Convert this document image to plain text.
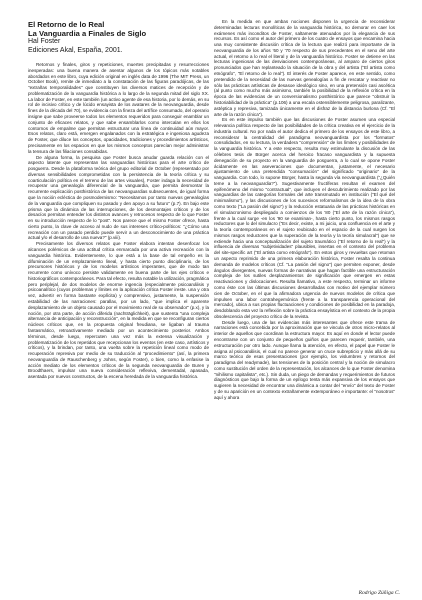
El Retorno de lo Real

La Vanguardia a Finales de Siglo

Hal Foster

Ediciones Akal, España, 2001.

Retornos y finales, giros y repeticiones, muertes precipitadas y resurrecciones inesperadas: una buena manera de asentar algunos de los tópicos más notables abordados en este libro, cuya edición original en inglés data de 1996 (The MIT Press, un October Book), remite de inmediato a la constatación de las figuras paradójicas, de las "extrañas temporalidades" que constituyen los diversos matices de recepción y de problematización de la vanguardia histórica a lo largo de la segunda mitad del siglo XX. La labor de Foster, en este también (un activo agente de esa historia, por lo demás, en su rol de incisivo crítico y de lúcido ensayista de los avatares de la neovanguardia, desde fines de la década del 70), se evidencia con la fineza del artífice consumado, del operario insigne que sabe proveerse todos los elementos requeridos para conseguir enamblar un conjunto de eficaces relatos, y que sabe ensamblarlos como intercalan en ellos los contornos de empalme que permitan estructurar una línea de continuidad aún mayor. Esos relatos, claro está, emergen engalanados con la estratégica e ingeniosa agudeza de Foster, que diluce los conceptos, opacidades, tradiciones y procedimientos artísticos, precisamente en los espacios en que los mismos conceptos parecían mejor administrar la tensura de las filiaciones consabidas.

De alguna forma, la pesquisa que Foster busca anudar guarda relación con el aspecto latente que representan las vanguardias históricas para el arte crítico de posguerra. Desde la plataforma teórica del grupo editorial de October (representado por diversas sensibilidades comprometidas con la persistencia de la teoría crítica y su coarticulación política en el terreno de las artes visuales), Foster indaga la necesidad de recuperar una genealogía diferencial de la vanguardia, que permita desmontar la recurrente explicación posthistórica de las neovanguardias subsecuentes, de igual forma que la noción ecléctica de posmodernismo: "Necesitamos por tanto nuevas genealogías de la vanguardia que compliquen su pasado y den apoyo a su futuro" (p.7). En bajo este prisma que la dinámica de las interrupciones, de los desmontajes críticos y de los desacíos permitan entender los distintos avances y retrocesos respecto de lo que Foster en su introducción respecto de lo "post". Nos parece que el mismo Foster ofrece, hasta cierto punto, la clave de acceso al nudo de sus intereses crítico-políticos: "¿Cómo una recreación con un pasado perdido puede servir a un desconocimiento de una práctica actual y/o el desarrollo de una nueva?" (p.viii).

Precisamente los diversos relatos que Foster elabora intentan desenfocar los alcances polémicos de una actitud crítica enmarcada por una activa recreación con la vanguardia histórica. Evidentemente, lo que está a la base de tal empeño es la difuminación de un emplazamiento lineal, y hasta cierto punto disciplinario, de los precursores históricos y de los modelos artísticos imperantes, que de modo tan recurrente como unívoco persiste validamente en buena parte de los ejes críticos e historiográficos contemporáneos. Para tal efecto, resulta notable la utilización, pragmática pero periplejal, de dos modelos de enorme ingencia (especialmente psicoanálisis y psicoanalítico (cuyos problemas y límites en la aplicación crítica Foster ireste. una y otra vez, advertir en forma bastante explícita) y comprensivo, justamente, la suspensión estabilidad de las narraciones: parallax, por un lado, "que implica el aparente desplazamiento de un objeto causado por el movimiento real de su observador" (p.x), y la noción, por otra parte, de acción diferida (nachträglichkeit), que sustenta "una compleja alternancia de anticipación y reconstrucción", en la medida en que se reconfiguran ciertos núcleos críticos que, en la propuesta original freudiana, se ligaban al trauma fantasmático, retroactivamente mediado por un acontecimiento posterior. Ambos términos, desde luego, repercuten una vez más la extensa visualización y problematización de los repetidos que recepcionan los eventos (en este caso, artísticos y críticos), y la brindan, por tanto, una vuelta sobre la repetición lineal como modo de recuperación represiva por medio de su traducción al "procedimiento" (así, la primera neovanguardia de Rauschenberg y Johns, según Foster), o bien, como la enfasise la acción mediato de los elementos críticos de la segunda neovanguardia de Buren y Broodthaers, impulsar una nueva consideración reflexiva, dementadal, apasada, asentada por nuevos constructos, de la escena heredada de la vanguardia histórica.

En la medida en que ambas nociones disponen la urgencia de reconsiderar determinadas lecturas monolíticas de la vanguardia histórica, no demorar en caer los exámenes más inconditos de Foster, saltamente atenuados por la elegancia de sus recursos. Es así como el autor del primero de los cuatro de ensayos que encamina hacia una muy consistente discusión crítica de la lectura que realizó para importante de la neovanguardia de los años '60 y '70 respecto de sus precedentes en el seno del arte actual, el retorno a lo real el literal y de la vanguardia histórico. Foster se detiene en las lecturas ingeniosas de las desviaciones contemporáneas, al amparo de ciertos giros pronunciados que han replanteado la situación de la obra y del artista ("El artista como etnógrafo", "El retorno de lo real"). El interés de Foster aparece, en este sentido, como pretendido de la necesidad de las nuevas genealogías a fin de rescatar y reactivar no sólo las prácticas artísticas de desasoe ideológico sino, en una pretensión casi ascética (al punto como mucho más asimismo, también la posibilidad de la reflexión crítica en la época de las evidencias de un conversionalismo posthistórico que parece "obstruir la historiabilidad de la práctica" (p.106) a una escala ostensiblemente peligrosa, paralizante, astéptica y represiva, tamizada únicamente en el disfraz de la distancia burlona (Cf. "El arte de la razón cínica").

Es en este impulso también que las discusiones de Foster asumen una especial relevancia política respecto de las posibilidades de la crítica creativa en el ejercicio de la industria cultural. No por nada el autor dedica el primero de los ensayos de este libro, a reconsiderar la centralidad del paradigma neovanguardista por los "formatos" consolidados, en su lectura, la verdadera "comprensión" de los límites y posibilidades de la vanguardia histórica. Y a este respecto, resulta muy estimulante la discusión de las célebres tesis de Bürger acerca del heroico fracaso vanguardista y la supuesta denegación de su proyecto en la vanguardia de posguerra, a lo cual se opone Foster ácidamente en las aseveraciones que documentan, justamente, el necesario ajustamiento de una pretendida "consumación" del significado "originario" de la vanguardia. Con todo, lo supone Bürger, hasta la segunda vía neovanguardista ("¿Quién teme a la neovanguardia?"). Sugestivamente fructíferas resultan el examen del epifenómeno del mismo "contractual", que incluyen el descubrimiento realizado por las vanguardias de las categorías formales del arte transmutado en institución ("El qué del minimalismo"), y las discusiones de los sucesivos reformalismos de la idea de la obra como texto ("La pasión del signo") y la reducción estatuaria de las prácticas históricas en el simulacronismo despliegado a comienzos de los '80 ("El arte de la razón cínica"), frente a la cual surge -en los '90 se examinan-, hasta cierto punto, los mismos rasgos reductores que lo del simulacro ("Es decir, existe, a mi juicio, una confluencia en el arte y la teoría contemporáneos en el sujeto reubicado en el espacio de la cual surgen los mismos rasgos reductores que la superación de la teoría y la teoría simulacral") que se extiende hacia una conceptualización del sujeto traumático ("El retorno de lo real") y la influencia de diversas "subjetividades" plausibles, insertas en el contexto del problema del site-specific art ("El artista como etnógrafo"). En estos giros y revueltas que retoman un aspecto reprimido de una primera elaboración histórica, Foster resalta la continua demanda de modelos críticos (Cf. "La pasión del signo") que permiten exponer, desde ángulos divergentes, nuevas formas de narrativas que hagan factible una estructuración compleja de los sutiles desplazamientos de significación que emergen en estas reactivaciones y dislocaciones. Resulta llamativo, a este respecto, terminar un informe como éste con las últimas discusiones desarrolladas con motivo del ejemplar número cien de October, en el que la afirmadora urgencia de nuevos modelos de crítica que impulsen una labor contrahegemónica (frente a la transparencia operacional del mercado), ubica a sus propias fluctuaciones y condiciones de posibilidad en la paradoja, desdoblando esta vez la reflexión sobre la práctica ensayística en el contexto de la propia obsolescencia del proyecto crítico de la revista.

Desde luego, una de las evidencias más interesantes que ofrece este trama de narraciones está concebida por la aproximación que se vincula de otros micro-relatos al interior de aquellos que coordinan la estructura mayor. Es aquí en donde el lector puede encontrarse con un conjunto de pequeños guiños que parecen requerir, también, una estructuración por otro lado. Aunque llama la atención, en efecto, el papel que Foster le asigna al psicoanálisis, el cual no parece generar un cruce subrepticio y más allá de su marco teórico de esas presentaciones (por ejemplo, los vislumbres y retornos del paradigma del readymade), las tensiones de la posición central y la noción de simulacro como sustitución del orden de la representación, los alcances de lo que Foster denomina "nihilismo capitalista", etc.). Sin duda, un piego de demandas y requerimientos de futuros diagnósticos que bajo la forma de un epílogo tenta más expansiva de los ensayos que sugieren la necesidad de encontrar una dinámica a contar del "envío" del texto de Foster y de su aparición en un contexto extrañamente extemporáneo e importante: el "nosotros" aquí y ahora

Rodrigo Zúñiga C.
